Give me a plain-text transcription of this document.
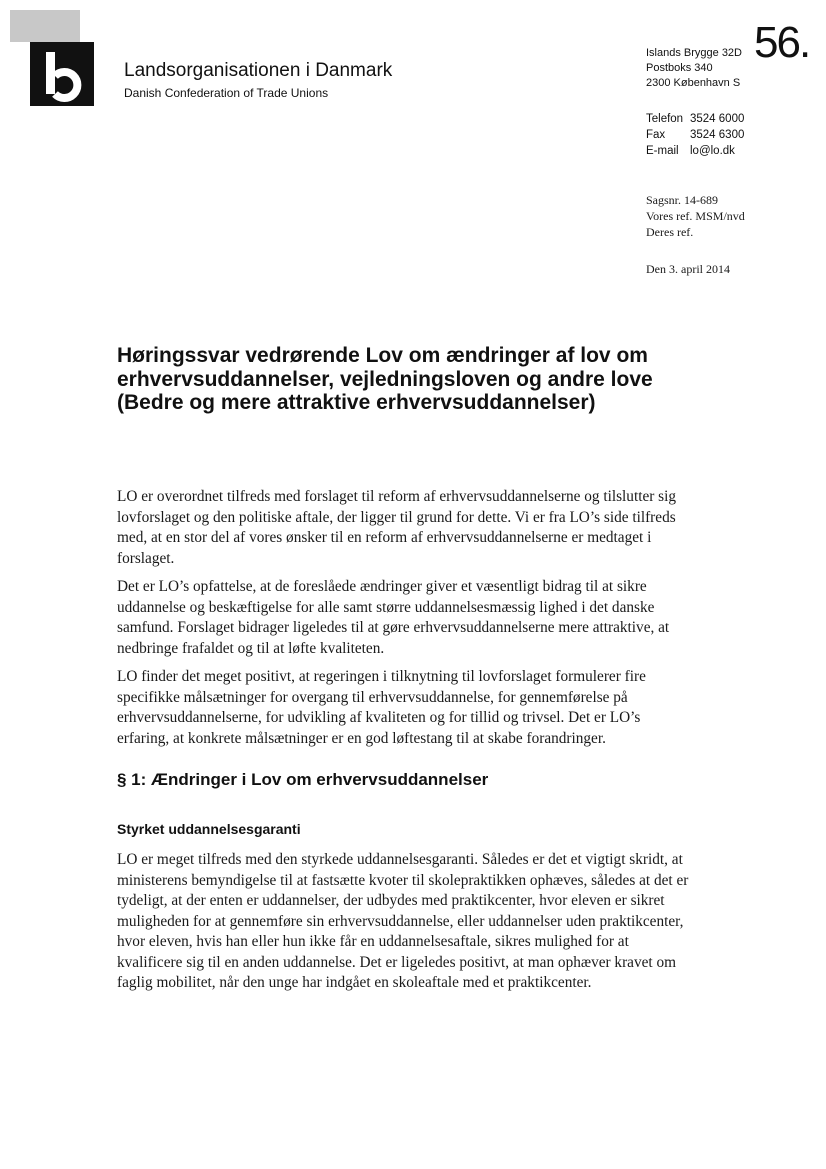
Landsorganisationen i Danmark
Danish Confederation of Trade Unions
56.
Islands Brygge 32D
Postboks 340
2300 København S
Telefon 3524 6000
Fax 3524 6300
E-mail lo@lo.dk
Sagsnr. 14-689
Vores ref. MSM/nvd
Deres ref.
Den 3. april 2014
Høringssvar vedrørende Lov om ændringer af lov om erhvervsuddannelser, vejledningsloven og andre love (Bedre og mere attraktive erhvervsuddannelser)
LO er overordnet tilfreds med forslaget til reform af erhvervsuddannelserne og tilslutter sig lovforslaget og den politiske aftale, der ligger til grund for dette. Vi er fra LO’s side tilfreds med, at en stor del af vores ønsker til en reform af erhvervsuddannelserne er medtaget i forslaget.
Det er LO’s opfattelse, at de foreslåede ændringer giver et væsentligt bidrag til at sikre uddannelse og beskæftigelse for alle samt større uddannelsesmæssig lighed i det danske samfund. Forslaget bidrager ligeledes til at gøre erhvervsuddannelserne mere attraktive, at nedbringe frafaldet og til at løfte kvaliteten.
LO finder det meget positivt, at regeringen i tilknytning til lovforslaget formulerer fire specifikke målsætninger for overgang til erhvervsuddannelse, for gennemførelse på erhvervsuddannelserne, for udvikling af kvaliteten og for tillid og trivsel. Det er LO’s erfaring, at konkrete målsætninger er en god løftestang til at skabe forandringer.
§ 1: Ændringer i Lov om erhvervsuddannelser
Styrket uddannelsesgaranti
LO er meget tilfreds med den styrkede uddannelsesgaranti. Således er det et vigtigt skridt, at ministerens bemyndigelse til at fastsætte kvoter til skolepraktikken ophæves, således at det er tydeligt, at der enten er uddannelser, der udbydes med praktikcenter, hvor eleven er sikret muligheden for at gennemføre sin erhvervsuddannelse, eller uddannelser uden praktikcenter, hvor eleven, hvis han eller hun ikke får en uddannelsesaftale, sikres mulighed for at kvalificere sig til en anden uddannelse. Det er ligeledes positivt, at man ophæver kravet om faglig mobilitet, når den unge har indgået en skoleaftale med et praktikcenter.
